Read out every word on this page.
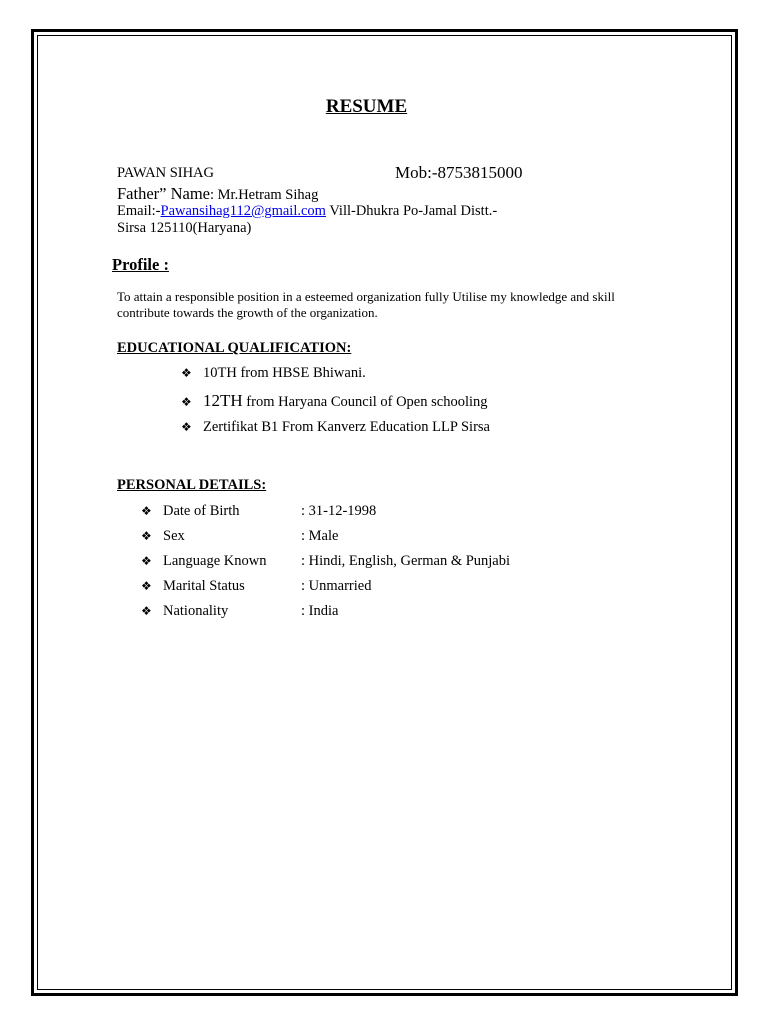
RESUME
PAWAN SIHAG	Mob:-8753815000
Father” Name: Mr.Hetram Sihag
Email:-Pawansihag112@gmail.com Vill-Dhukra Po-Jamal Distt.-
Sirsa 125110(Haryana)
Profile :
To attain a responsible position in a esteemed organization fully Utilise my knowledge and skill contribute towards the growth of the organization.
EDUCATIONAL QUALIFICATION:
❖ 10TH from HBSE Bhiwani.
❖ 12TH from Haryana Council of Open schooling
❖ Zertifikat B1 From Kanverz Education LLP Sirsa
PERSONAL DETAILS:
❖ Date of Birth	: 31-12-1998
❖ Sex	: Male
❖ Language Known : Hindi, English, German & Punjabi
❖ Marital Status	: Unmarried
❖ Nationality	: India
